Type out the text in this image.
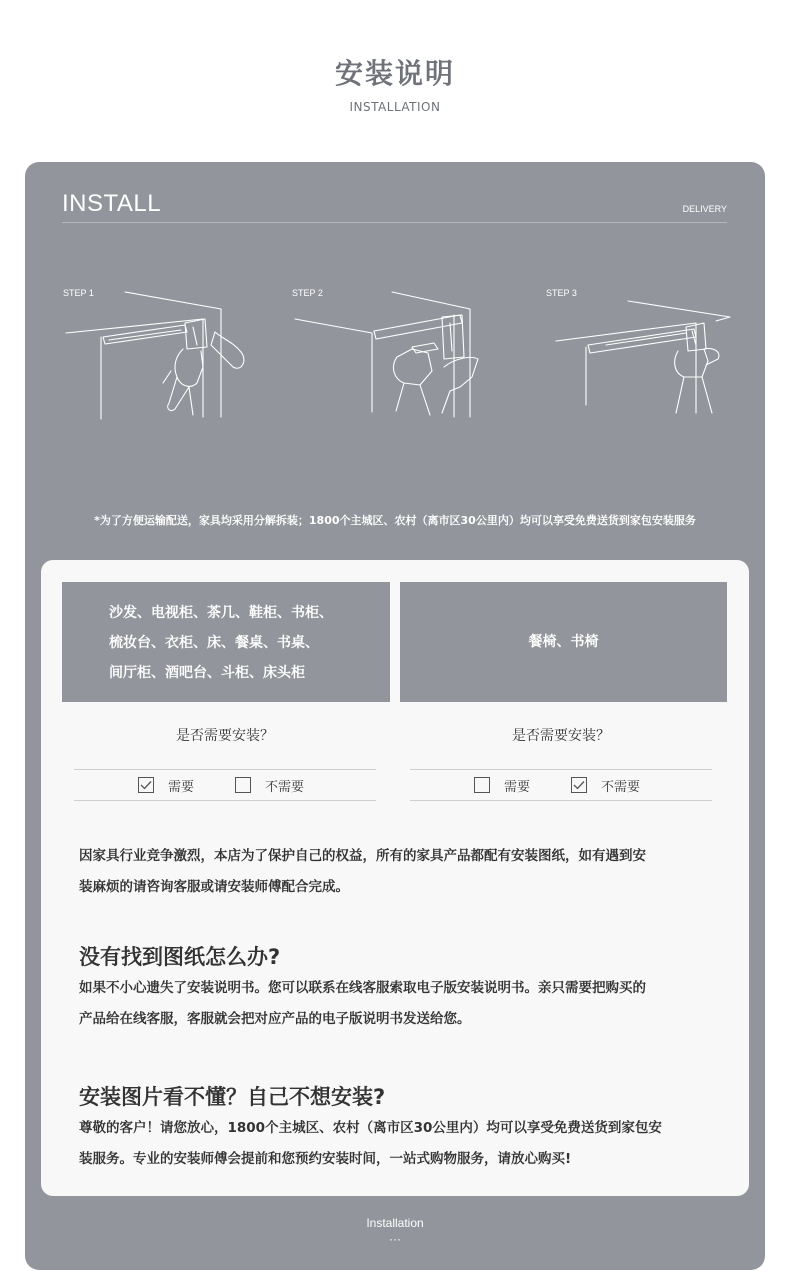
安装说明
INSTALLATION
INSTALL	DELIVERY
STEP 1	STEP 2	STEP 3
*为了方便运输配送，家具均采用分解拆装；1800个主城区、农村（离市区30公里内）均可以享受免费送货到家包安装服务
沙发、电视柜、茶几、鞋柜、书柜、
梳妆台、衣柜、床、餐桌、书桌、
间厅柜、酒吧台、斗柜、床头柜
餐椅、书椅
是否需要安装？	是否需要安装？
需要	不需要	需要	不需要
因家具行业竞争激烈，本店为了保护自己的权益，所有的家具产品都配有安装图纸，如有遇到安
装麻烦的请咨询客服或请安装师傅配合完成。
没有找到图纸怎么办?
如果不小心遗失了安装说明书。您可以联系在线客服索取电子版安装说明书。亲只需要把购买的
产品给在线客服，客服就会把对应产品的电子版说明书发送给您。
安装图片看不懂？自己不想安装?
尊敬的客户！请您放心，1800个主城区、农村（离市区30公里内）均可以享受免费送货到家包安
装服务。专业的安装师傅会提前和您预约安装时间，一站式购物服务，请放心购买!
Installation
···
